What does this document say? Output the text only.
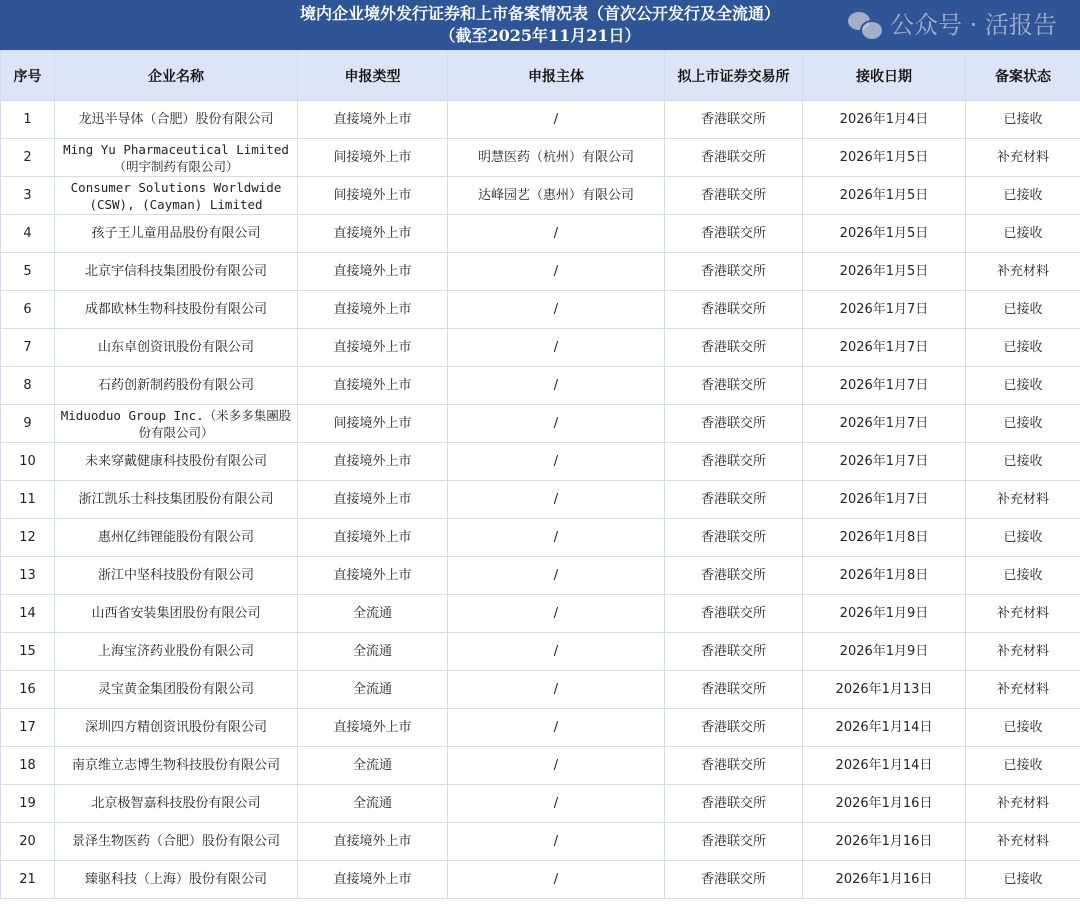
境内企业境外发行证券和上市备案情况表（首次公开发行及全流通）
（截至2025年11月21日）
序号	企业名称	申报类型	申报主体	拟上市证券交易所	接收日期	备案状态
1	龙迅半导体（合肥）股份有限公司	直接境外上市	/	香港联交所	2026年1月4日	已接收
2	Ming Yu Pharmaceutical Limited（明宇制药有限公司）	间接境外上市	明慧医药（杭州）有限公司	香港联交所	2026年1月5日	补充材料
3	Consumer Solutions Worldwide (CSW), (Cayman) Limited	间接境外上市	达峰园艺（惠州）有限公司	香港联交所	2026年1月5日	已接收
4	孩子王儿童用品股份有限公司	直接境外上市	/	香港联交所	2026年1月5日	已接收
5	北京宇信科技集团股份有限公司	直接境外上市	/	香港联交所	2026年1月5日	补充材料
6	成都欧林生物科技股份有限公司	直接境外上市	/	香港联交所	2026年1月7日	已接收
7	山东卓创资讯股份有限公司	直接境外上市	/	香港联交所	2026年1月7日	已接收
8	石药创新制药股份有限公司	直接境外上市	/	香港联交所	2026年1月7日	已接收
9	Miduoduo Group Inc.（米多多集團股份有限公司）	间接境外上市	/	香港联交所	2026年1月7日	已接收
10	未来穿戴健康科技股份有限公司	直接境外上市	/	香港联交所	2026年1月7日	已接收
11	浙江凯乐士科技集团股份有限公司	直接境外上市	/	香港联交所	2026年1月7日	补充材料
12	惠州亿纬锂能股份有限公司	直接境外上市	/	香港联交所	2026年1月8日	已接收
13	浙江中坚科技股份有限公司	直接境外上市	/	香港联交所	2026年1月8日	已接收
14	山西省安装集团股份有限公司	全流通	/	香港联交所	2026年1月9日	补充材料
15	上海宝济药业股份有限公司	全流通	/	香港联交所	2026年1月9日	补充材料
16	灵宝黄金集团股份有限公司	全流通	/	香港联交所	2026年1月13日	补充材料
17	深圳四方精创资讯股份有限公司	直接境外上市	/	香港联交所	2026年1月14日	已接收
18	南京维立志博生物科技股份有限公司	全流通	/	香港联交所	2026年1月14日	已接收
19	北京极智嘉科技股份有限公司	全流通	/	香港联交所	2026年1月16日	补充材料
20	景泽生物医药（合肥）股份有限公司	直接境外上市	/	香港联交所	2026年1月16日	补充材料
21	臻驱科技（上海）股份有限公司	直接境外上市	/	香港联交所	2026年1月16日	已接收
公众号 · 活报告
